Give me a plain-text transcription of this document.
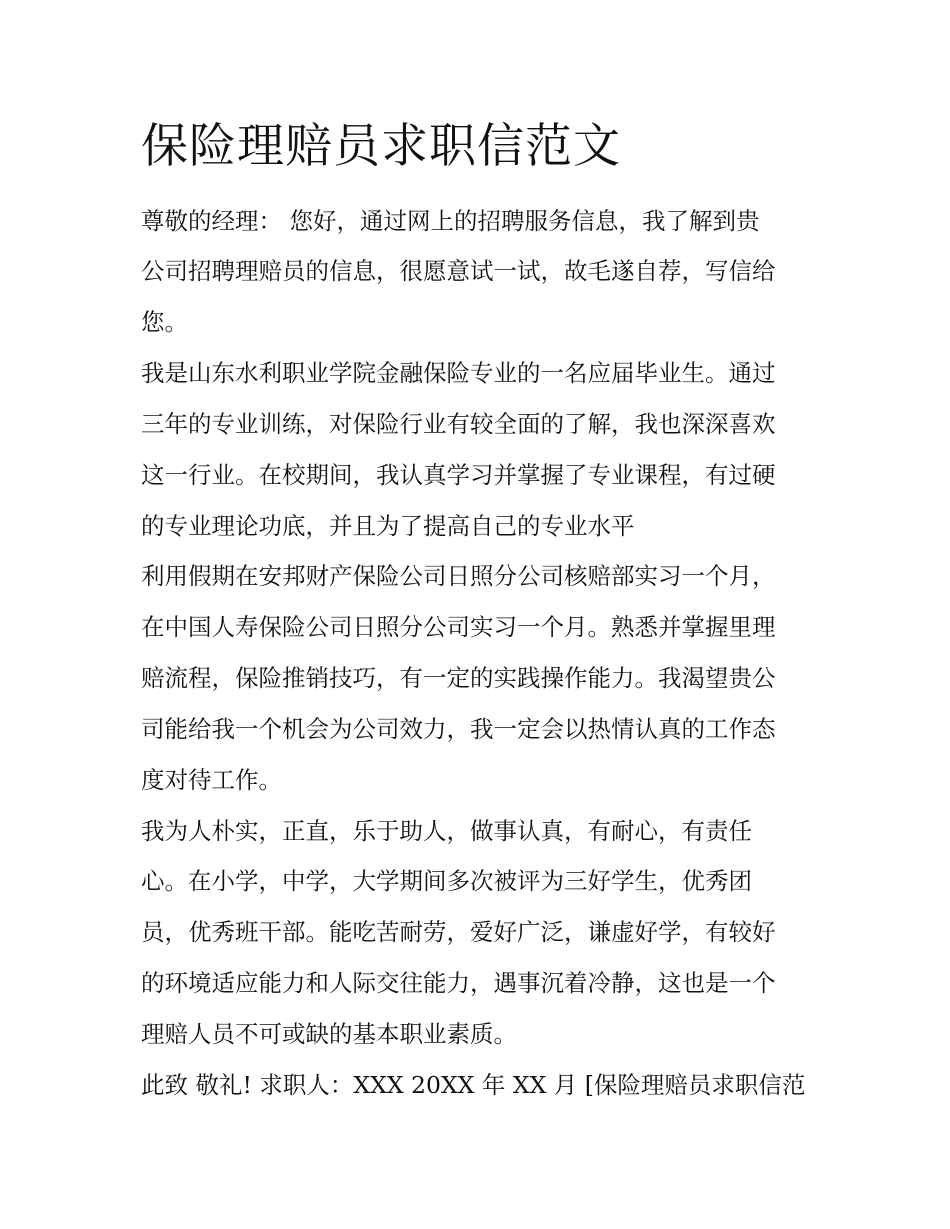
保险理赔员求职信范文
尊敬的经理： 您好，通过网上的招聘服务信息，我了解到贵
公司招聘理赔员的信息，很愿意试一试，故毛遂自荐，写信给
您。
我是山东水利职业学院金融保险专业的一名应届毕业生。通过
三年的专业训练，对保险行业有较全面的了解，我也深深喜欢
这一行业。在校期间，我认真学习并掌握了专业课程，有过硬
的专业理论功底，并且为了提高自己的专业水平
利用假期在安邦财产保险公司日照分公司核赔部实习一个月，
在中国人寿保险公司日照分公司实习一个月。熟悉并掌握里理
赔流程，保险推销技巧，有一定的实践操作能力。我渴望贵公
司能给我一个机会为公司效力，我一定会以热情认真的工作态
度对待工作。
我为人朴实，正直，乐于助人，做事认真，有耐心，有责任
心。在小学，中学，大学期间多次被评为三好学生，优秀团
员，优秀班干部。能吃苦耐劳，爱好广泛，谦虚好学，有较好
的环境适应能力和人际交往能力，遇事沉着冷静，这也是一个
理赔人员不可或缺的基本职业素质。
此致 敬礼! 求职人：XXX 20XX 年 XX 月 [保险理赔员求职信范
